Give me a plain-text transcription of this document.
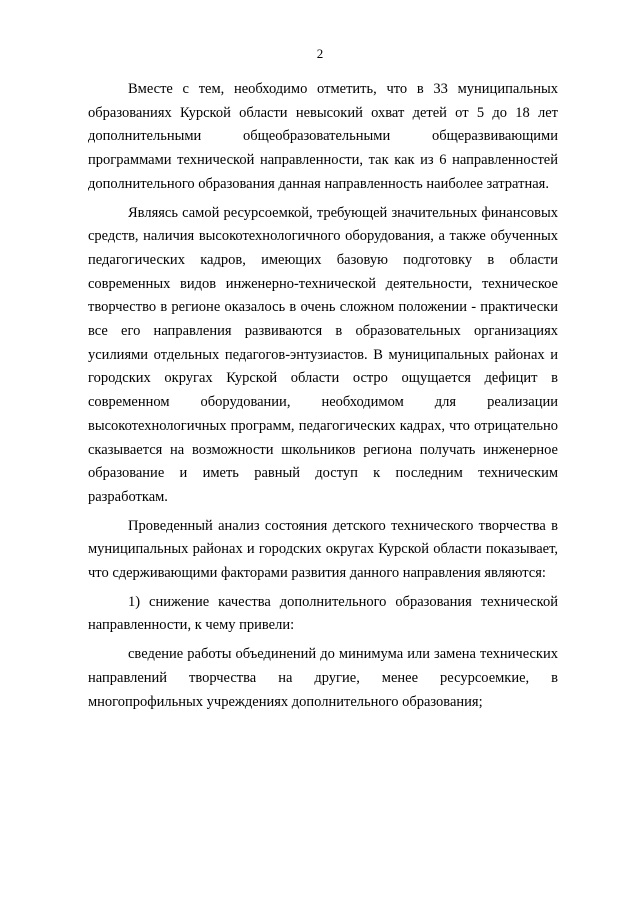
2

Вместе с тем, необходимо отметить, что в 33 муниципальных образованиях Курской области невысокий охват детей от 5 до 18 лет дополнительными общеобразовательными общеразвивающими программами технической направленности, так как из 6 направленностей дополнительного образования данная направленность наиболее затратная.

Являясь самой ресурсоемкой, требующей значительных финансовых средств, наличия высокотехнологичного оборудования, а также обученных педагогических кадров, имеющих базовую подготовку в области современных видов инженерно-технической деятельности, техническое творчество в регионе оказалось в очень сложном положении - практически все его направления развиваются в образовательных организациях усилиями отдельных педагогов-энтузиастов. В муниципальных районах и городских округах Курской области остро ощущается дефицит в современном оборудовании, необходимом для реализации высокотехнологичных программ, педагогических кадрах, что отрицательно сказывается на возможности школьников региона получать инженерное образование и иметь равный доступ к последним техническим разработкам.

Проведенный анализ состояния детского технического творчества в муниципальных районах и городских округах Курской области показывает, что сдерживающими факторами развития данного направления являются:

1) снижение качества дополнительного образования технической направленности, к чему привели:

сведение работы объединений до минимума или замена технических направлений творчества на другие, менее ресурсоемкие, в многопрофильных учреждениях дополнительного образования;
